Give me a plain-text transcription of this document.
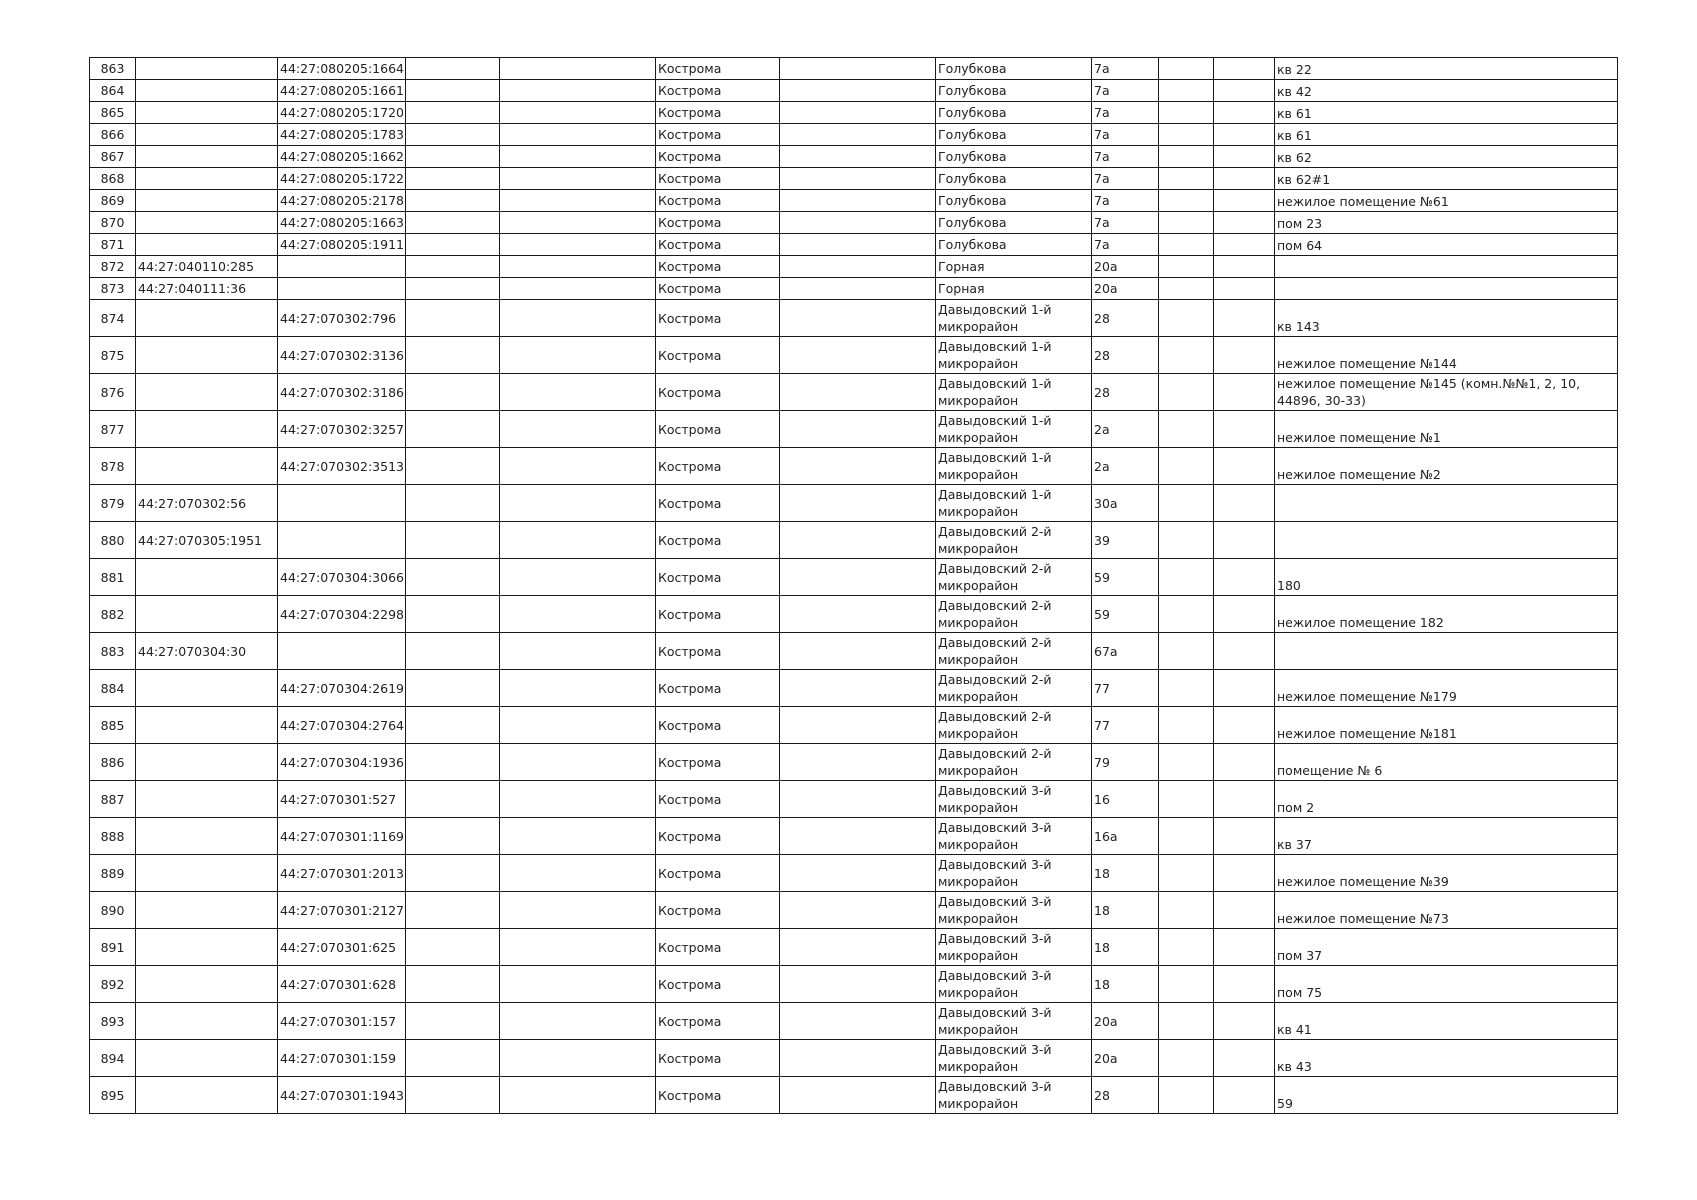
863		44:27:080205:1664			Кострома		Голубкова	7а			кв 22
864		44:27:080205:1661			Кострома		Голубкова	7а			кв 42
865		44:27:080205:1720			Кострома		Голубкова	7а			кв 61
866		44:27:080205:1783			Кострома		Голубкова	7а			кв 61
867		44:27:080205:1662			Кострома		Голубкова	7а			кв 62
868		44:27:080205:1722			Кострома		Голубкова	7а			кв 62#1
869		44:27:080205:2178			Кострома		Голубкова	7а			нежилое помещение №61
870		44:27:080205:1663			Кострома		Голубкова	7а			пом 23
871		44:27:080205:1911			Кострома		Голубкова	7а			пом 64
872	44:27:040110:285				Кострома		Горная	20а			
873	44:27:040111:36				Кострома		Горная	20а			
874		44:27:070302:796			Кострома		Давыдовский 1-й микрорайон	28			кв 143
875		44:27:070302:3136			Кострома		Давыдовский 1-й микрорайон	28			нежилое помещение №144
876		44:27:070302:3186			Кострома		Давыдовский 1-й микрорайон	28			нежилое помещение №145 (комн.№№1, 2, 10, 44896, 30-33)
877		44:27:070302:3257			Кострома		Давыдовский 1-й микрорайон	2а			нежилое помещение №1
878		44:27:070302:3513			Кострома		Давыдовский 1-й микрорайон	2а			нежилое помещение №2
879	44:27:070302:56				Кострома		Давыдовский 1-й микрорайон	30а			
880	44:27:070305:1951				Кострома		Давыдовский 2-й микрорайон	39			
881		44:27:070304:3066			Кострома		Давыдовский 2-й микрорайон	59			180
882		44:27:070304:2298			Кострома		Давыдовский 2-й микрорайон	59			нежилое помещение 182
883	44:27:070304:30				Кострома		Давыдовский 2-й микрорайон	67а			
884		44:27:070304:2619			Кострома		Давыдовский 2-й микрорайон	77			нежилое помещение №179
885		44:27:070304:2764			Кострома		Давыдовский 2-й микрорайон	77			нежилое помещение №181
886		44:27:070304:1936			Кострома		Давыдовский 2-й микрорайон	79			помещение № 6
887		44:27:070301:527			Кострома		Давыдовский 3-й микрорайон	16			пом 2
888		44:27:070301:1169			Кострома		Давыдовский 3-й микрорайон	16а			кв 37
889		44:27:070301:2013			Кострома		Давыдовский 3-й микрорайон	18			нежилое помещение №39
890		44:27:070301:2127			Кострома		Давыдовский 3-й микрорайон	18			нежилое помещение №73
891		44:27:070301:625			Кострома		Давыдовский 3-й микрорайон	18			пом 37
892		44:27:070301:628			Кострома		Давыдовский 3-й микрорайон	18			пом 75
893		44:27:070301:157			Кострома		Давыдовский 3-й микрорайон	20а			кв 41
894		44:27:070301:159			Кострома		Давыдовский 3-й микрорайон	20а			кв 43
895		44:27:070301:1943			Кострома		Давыдовский 3-й микрорайон	28			59
